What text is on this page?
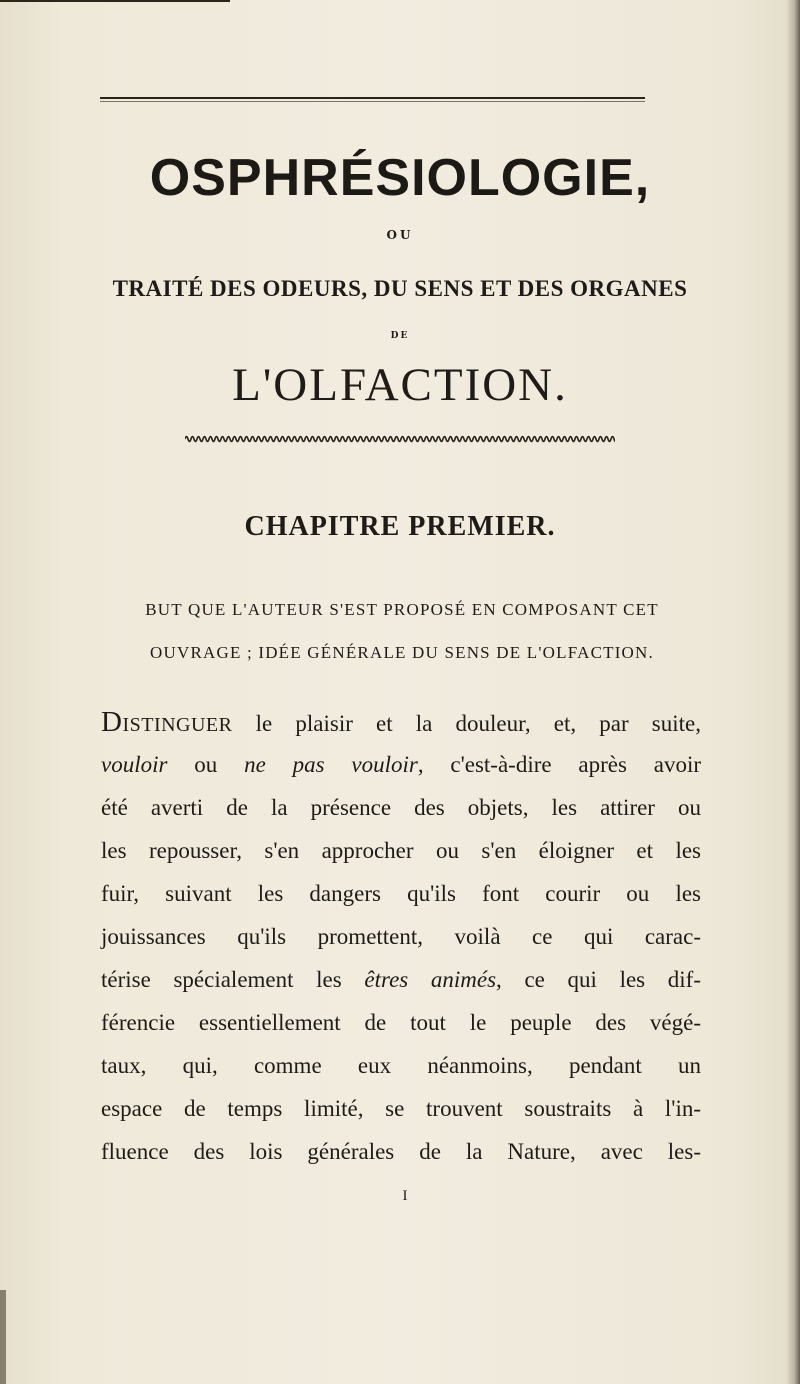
OSPHRÉSIOLOGIE,
OU
TRAITÉ DES ODEURS, DU SENS ET DES ORGANES
DE
L'OLFACTION.
CHAPITRE PREMIER.
BUT QUE L'AUTEUR S'EST PROPOSÉ EN COMPOSANT CET
OUVRAGE ; IDÉE GÉNÉRALE DU SENS DE L'OLFACTION.
Distinguer le plaisir et la douleur, et, par suite,
vouloir ou ne pas vouloir, c'est-à-dire après avoir
été averti de la présence des objets, les attirer ou
les repousser, s'en approcher ou s'en éloigner et les
fuir, suivant les dangers qu'ils font courir ou les
jouissances qu'ils promettent, voilà ce qui carac-
térise spécialement les êtres animés, ce qui les dif-
férencie essentiellement de tout le peuple des végé-
taux, qui, comme eux néanmoins, pendant un
espace de temps limité, se trouvent soustraits à l'in-
fluence des lois générales de la Nature, avec les-
I
